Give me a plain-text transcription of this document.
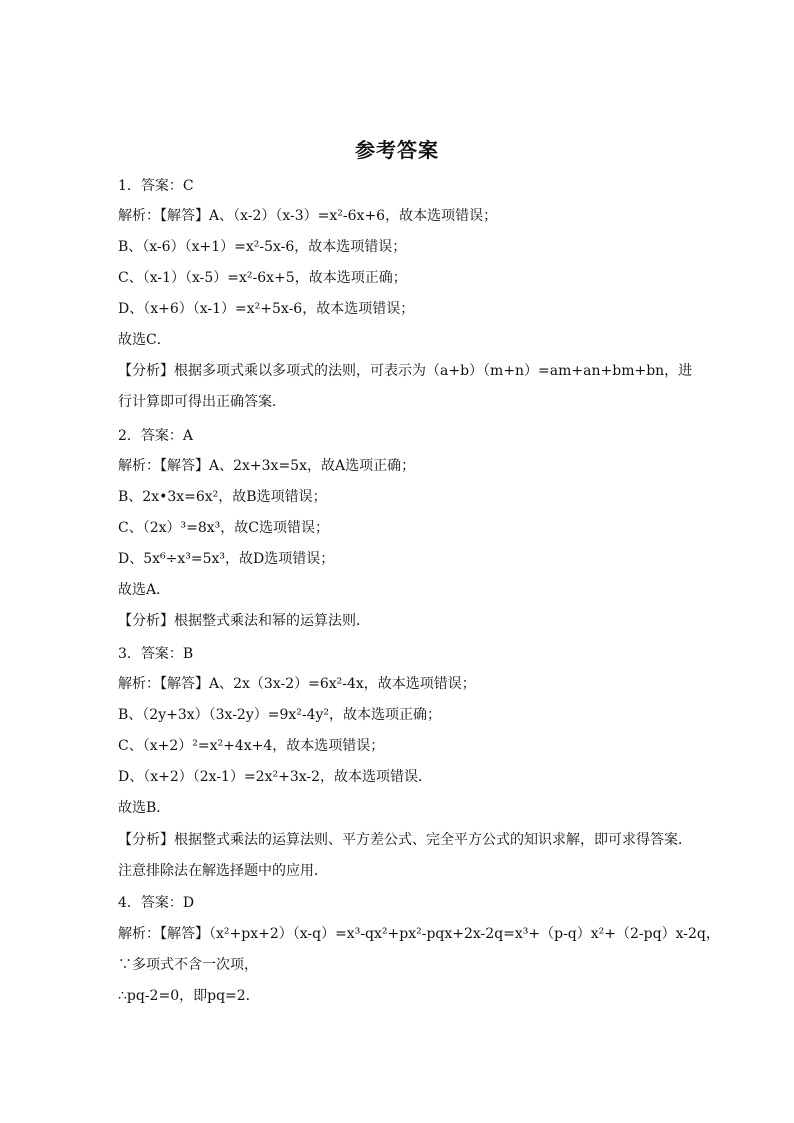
参考答案
1．答案：C
解析：【解答】A、（x-2）（x-3）=x²-6x+6，故本选项错误；
B、（x-6）（x+1）=x²-5x-6，故本选项错误；
C、（x-1）（x-5）=x²-6x+5，故本选项正确；
D、（x+6）（x-1）=x²+5x-6，故本选项错误；
故选C．
【分析】根据多项式乘以多项式的法则，可表示为（a+b）（m+n）=am+an+bm+bn，进行计算即可得出正确答案．
2．答案：A
解析：【解答】A、2x+3x=5x，故A选项正确；
B、2x•3x=6x²，故B选项错误；
C、（2x）³=8x³，故C选项错误；
D、5x⁶÷x³=5x³，故D选项错误；
故选A．
【分析】根据整式乘法和幂的运算法则．
3．答案：B
解析：【解答】A、2x（3x-2）=6x²-4x，故本选项错误；
B、（2y+3x）（3x-2y）=9x²-4y²，故本选项正确；
C、（x+2）²=x²+4x+4，故本选项错误；
D、（x+2）（2x-1）=2x²+3x-2，故本选项错误．
故选B．
【分析】根据整式乘法的运算法则、平方差公式、完全平方公式的知识求解，即可求得答案．注意排除法在解选择题中的应用．
4．答案：D
解析：【解答】（x²+px+2）（x-q）=x³-qx²+px²-pqx+2x-2q=x³+（p-q）x²+（2-pq）x-2q，
∵多项式不含一次项，
∴pq-2=0，即pq=2．
